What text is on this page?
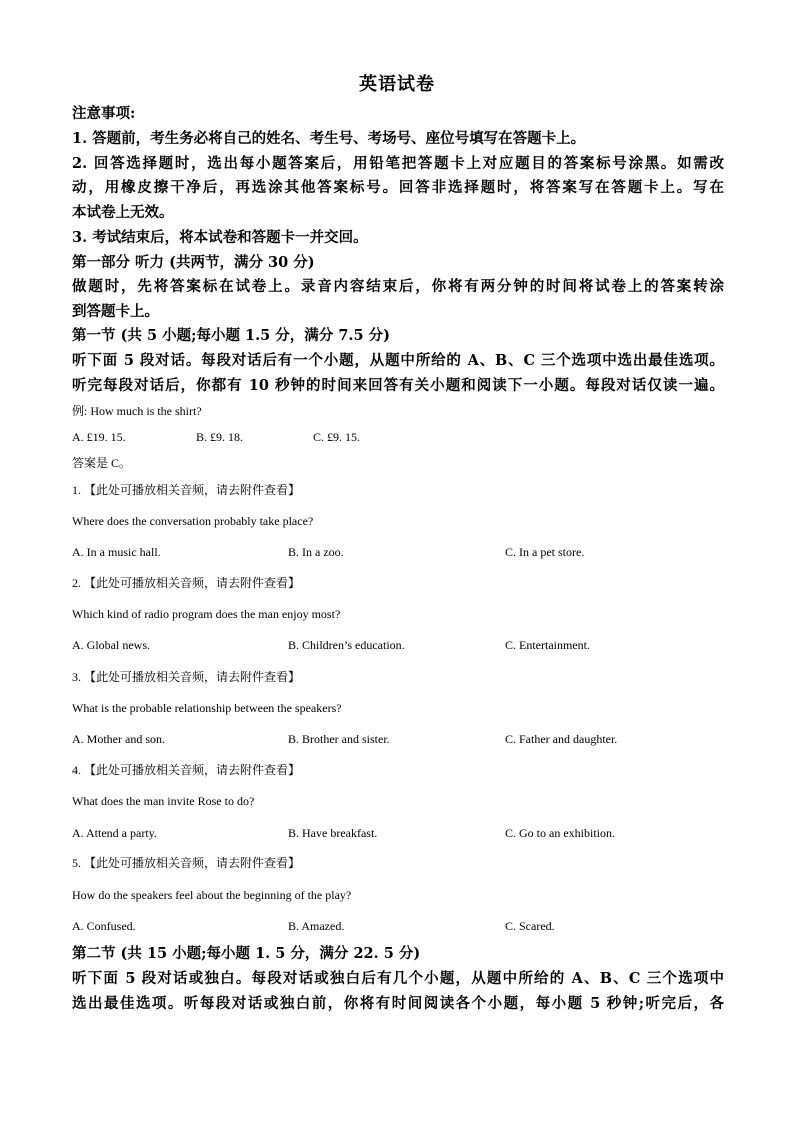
英语试卷
注意事项:
1. 答题前，考生务必将自己的姓名、考生号、考场号、座位号填写在答题卡上。
2. 回答选择题时，选出每小题答案后，用铅笔把答题卡上对应题目的答案标号涂黑。如需改
动，用橡皮擦干净后，再选涂其他答案标号。回答非选择题时，将答案写在答题卡上。写在
本试卷上无效。
3. 考试结束后，将本试卷和答题卡一并交回。
第一部分 听力 (共两节，满分 30 分)
做题时，先将答案标在试卷上。录音内容结束后，你将有两分钟的时间将试卷上的答案转涂
到答题卡上。
第一节 (共 5 小题;每小题 1.5 分，满分 7.5 分)
听下面 5 段对话。每段对话后有一个小题，从题中所给的 A、B、C 三个选项中选出最佳选项。
听完每段对话后，你都有 10 秒钟的时间来回答有关小题和阅读下一小题。每段对话仅读一遍。
例: How much is the shirt?
A. £19. 15.	B. £9. 18.	C. £9. 15.
答案是 C。
1. 【此处可播放相关音频，请去附件查看】
Where does the conversation probably take place?
A. In a music hall.	B. In a zoo.	C. In a pet store.
2. 【此处可播放相关音频，请去附件查看】
Which kind of radio program does the man enjoy most?
A. Global news.	B. Children’s education.	C. Entertainment.
3. 【此处可播放相关音频，请去附件查看】
What is the probable relationship between the speakers?
A. Mother and son.	B. Brother and sister.	C. Father and daughter.
4. 【此处可播放相关音频，请去附件查看】
What does the man invite Rose to do?
A. Attend a party.	B. Have breakfast.	C. Go to an exhibition.
5. 【此处可播放相关音频，请去附件查看】
How do the speakers feel about the beginning of the play?
A. Confused.	B. Amazed.	C. Scared.
第二节 (共 15 小题;每小题 1. 5 分，满分 22. 5 分)
听下面 5 段对话或独白。每段对话或独白后有几个小题，从题中所给的 A、B、C 三个选项中
选出最佳选项。听每段对话或独白前，你将有时间阅读各个小题，每小题 5 秒钟;听完后，各
